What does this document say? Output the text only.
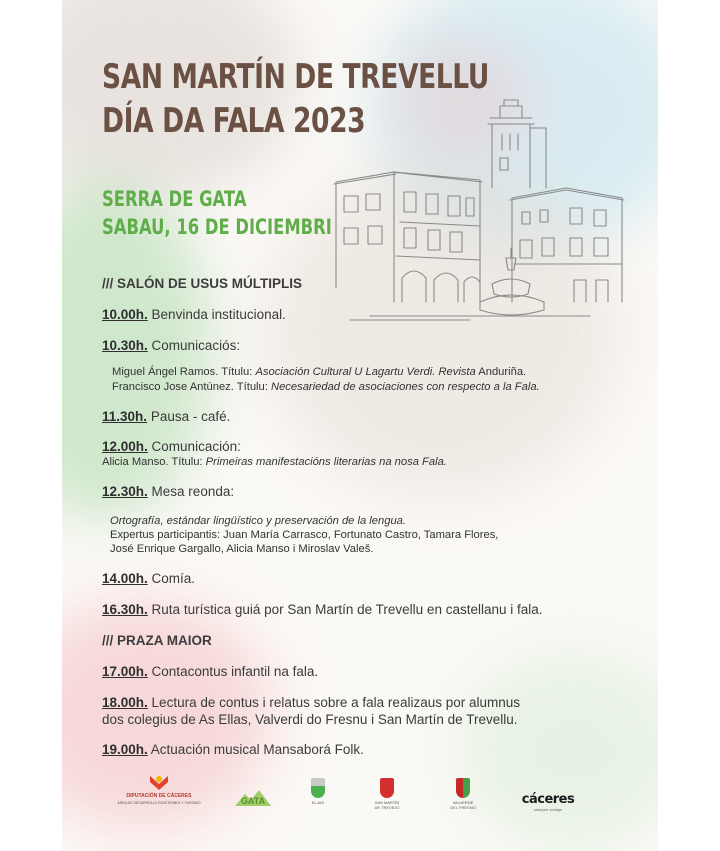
SAN MARTÍN DE TREVELLU
DÍA DA FALA 2023
SERRA DE GATA
SABAU, 16 DE DICIEMBRI
/// SALÓN DE USUS MÚLTIPLIS
10.00h. Benvinda institucional.
10.30h. Comunicaciós:
Miguel Ángel Ramos. Títulu: Asociación Cultural U Lagartu Verdi. Revista Anduriña.
Francisco Jose Antúnez. Títulu: Necesariedad de asociaciones con respecto a la Fala.
11.30h. Pausa - café.
12.00h. Comunicación:
Alicia Manso. Títulu: Primeiras manifestacións literarias na nosa Fala.
12.30h. Mesa reonda:
Ortografía, estándar lingüístico y preservación de la lengua.
Expertus participantis: Juan María Carrasco, Fortunato Castro, Tamara Flores,
José Enrique Gargallo, Alicia Manso i Miroslav Valeš.
14.00h. Comía.
16.30h. Ruta turística guiá por San Martín de Trevellu en castellanu i fala.
/// PRAZA MAIOR
17.00h. Contacontus infantil na fala.
18.00h. Lectura de contus i relatus sobre a fala realizaus por alumnus
dos colegius de As Ellas, Valverdi do Fresnu i San Martín de Trevellu.
19.00h. Actuación musical Mansaborá Folk.
DIPUTACIÓN DE CÁCERES
ÁREA DE DESARROLLO SOSTENIBLE Y TURISMO	GATA	ELJAS	SAN MARTÍN
DE TREVEJO
VALVERDE
DEL FRESNO
cáceres
siempre contigo
